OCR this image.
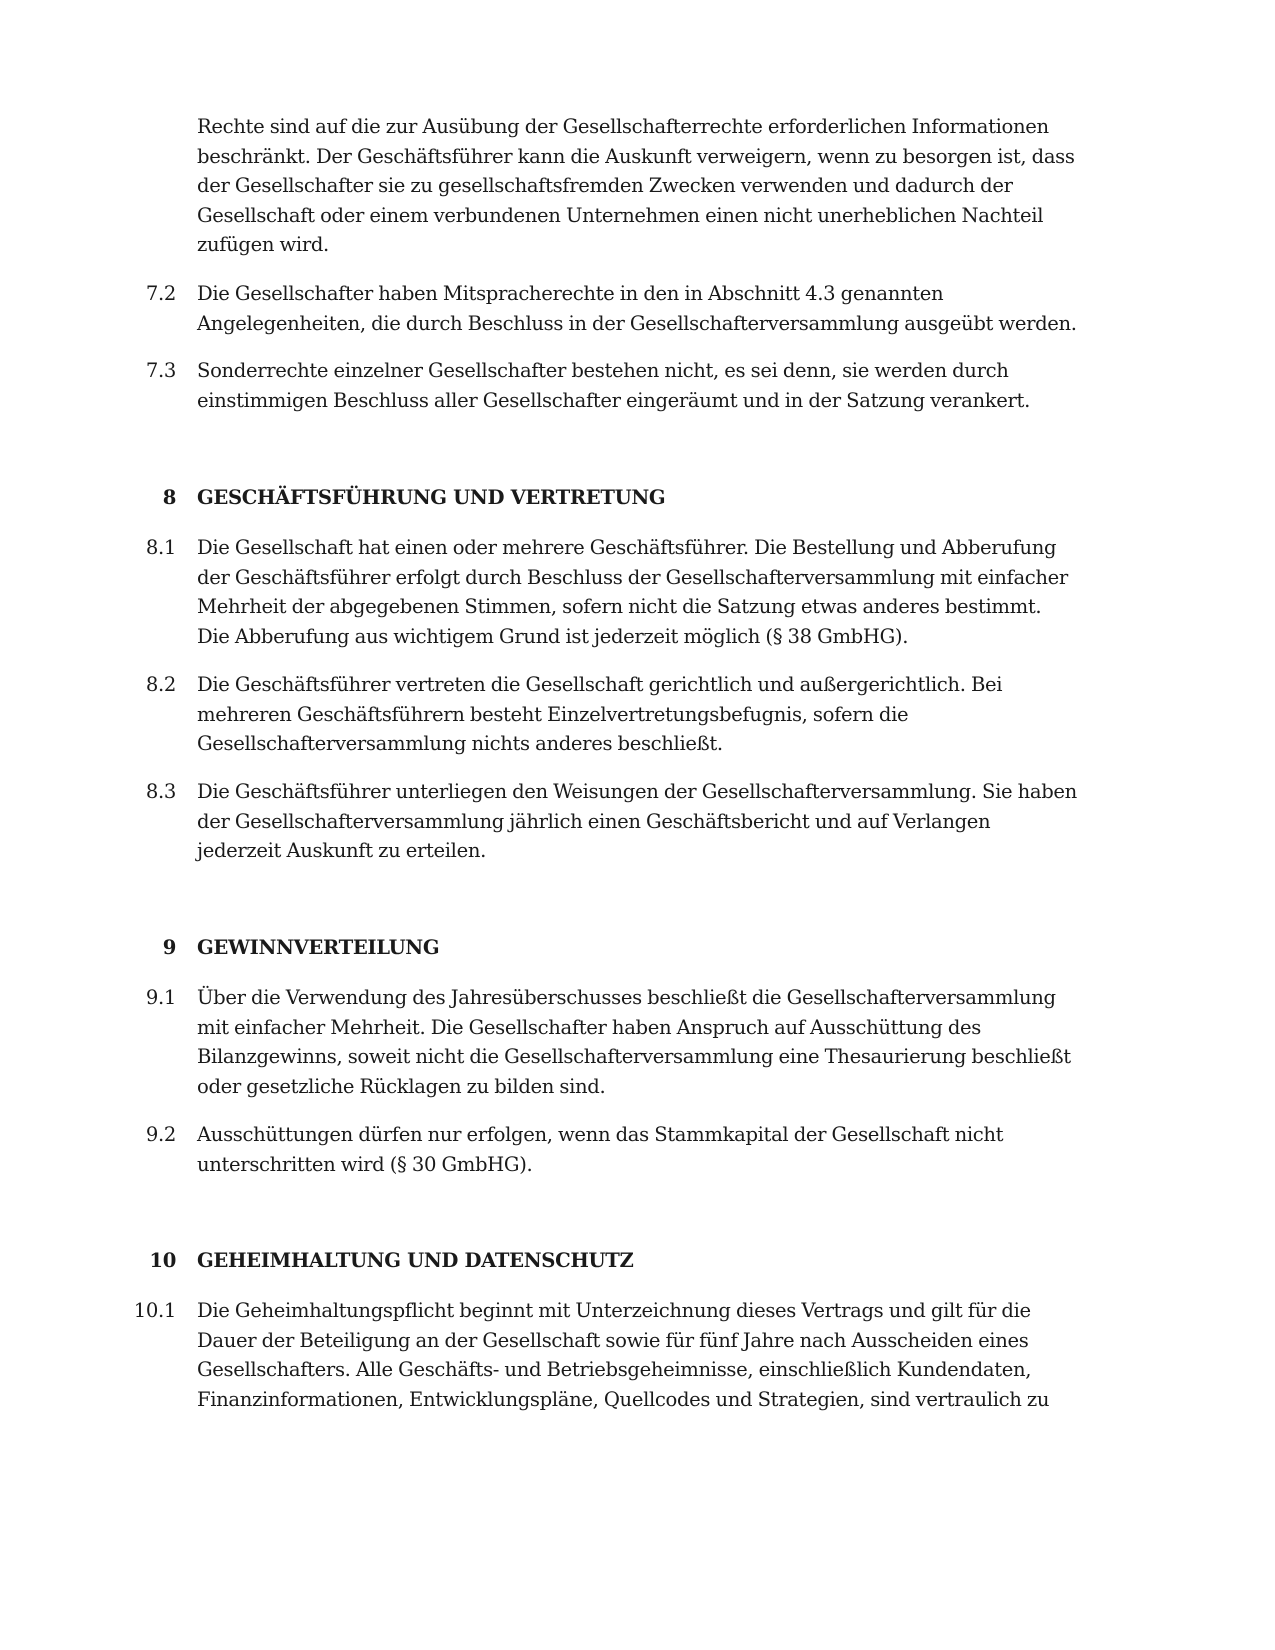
Rechte sind auf die zur Ausübung der Gesellschafterrechte erforderlichen Informationen beschränkt. Der Geschäftsführer kann die Auskunft verweigern, wenn zu besorgen ist, dass der Gesellschafter sie zu gesellschaftsfremden Zwecken verwenden und dadurch der Gesellschaft oder einem verbundenen Unternehmen einen nicht unerheblichen Nachteil zufügen wird.
7.2 Die Gesellschafter haben Mitspracherechte in den in Abschnitt 4.3 genannten Angelegenheiten, die durch Beschluss in der Gesellschafterversammlung ausgeübt werden.
7.3 Sonderrechte einzelner Gesellschafter bestehen nicht, es sei denn, sie werden durch einstimmigen Beschluss aller Gesellschafter eingeräumt und in der Satzung verankert.
8 GESCHÄFTSFÜHRUNG UND VERTRETUNG
8.1 Die Gesellschaft hat einen oder mehrere Geschäftsführer. Die Bestellung und Abberufung der Geschäftsführer erfolgt durch Beschluss der Gesellschafterversammlung mit einfacher Mehrheit der abgegebenen Stimmen, sofern nicht die Satzung etwas anderes bestimmt. Die Abberufung aus wichtigem Grund ist jederzeit möglich (§ 38 GmbHG).
8.2 Die Geschäftsführer vertreten die Gesellschaft gerichtlich und außergerichtlich. Bei mehreren Geschäftsführern besteht Einzelvertretungsbefugnis, sofern die Gesellschafterversammlung nichts anderes beschließt.
8.3 Die Geschäftsführer unterliegen den Weisungen der Gesellschafterversammlung. Sie haben der Gesellschafterversammlung jährlich einen Geschäftsbericht und auf Verlangen jederzeit Auskunft zu erteilen.
9 GEWINNVERTEILUNG
9.1 Über die Verwendung des Jahresüberschusses beschließt die Gesellschafterversammlung mit einfacher Mehrheit. Die Gesellschafter haben Anspruch auf Ausschüttung des Bilanzgewinns, soweit nicht die Gesellschafterversammlung eine Thesaurierung beschließt oder gesetzliche Rücklagen zu bilden sind.
9.2 Ausschüttungen dürfen nur erfolgen, wenn das Stammkapital der Gesellschaft nicht unterschritten wird (§ 30 GmbHG).
10 GEHEIMHALTUNG UND DATENSCHUTZ
10.1 Die Geheimhaltungspflicht beginnt mit Unterzeichnung dieses Vertrags und gilt für die Dauer der Beteiligung an der Gesellschaft sowie für fünf Jahre nach Ausscheiden eines Gesellschafters. Alle Geschäfts- und Betriebsgeheimnisse, einschließlich Kundendaten, Finanzinformationen, Entwicklungspläne, Quellcodes und Strategien, sind vertraulich zu
